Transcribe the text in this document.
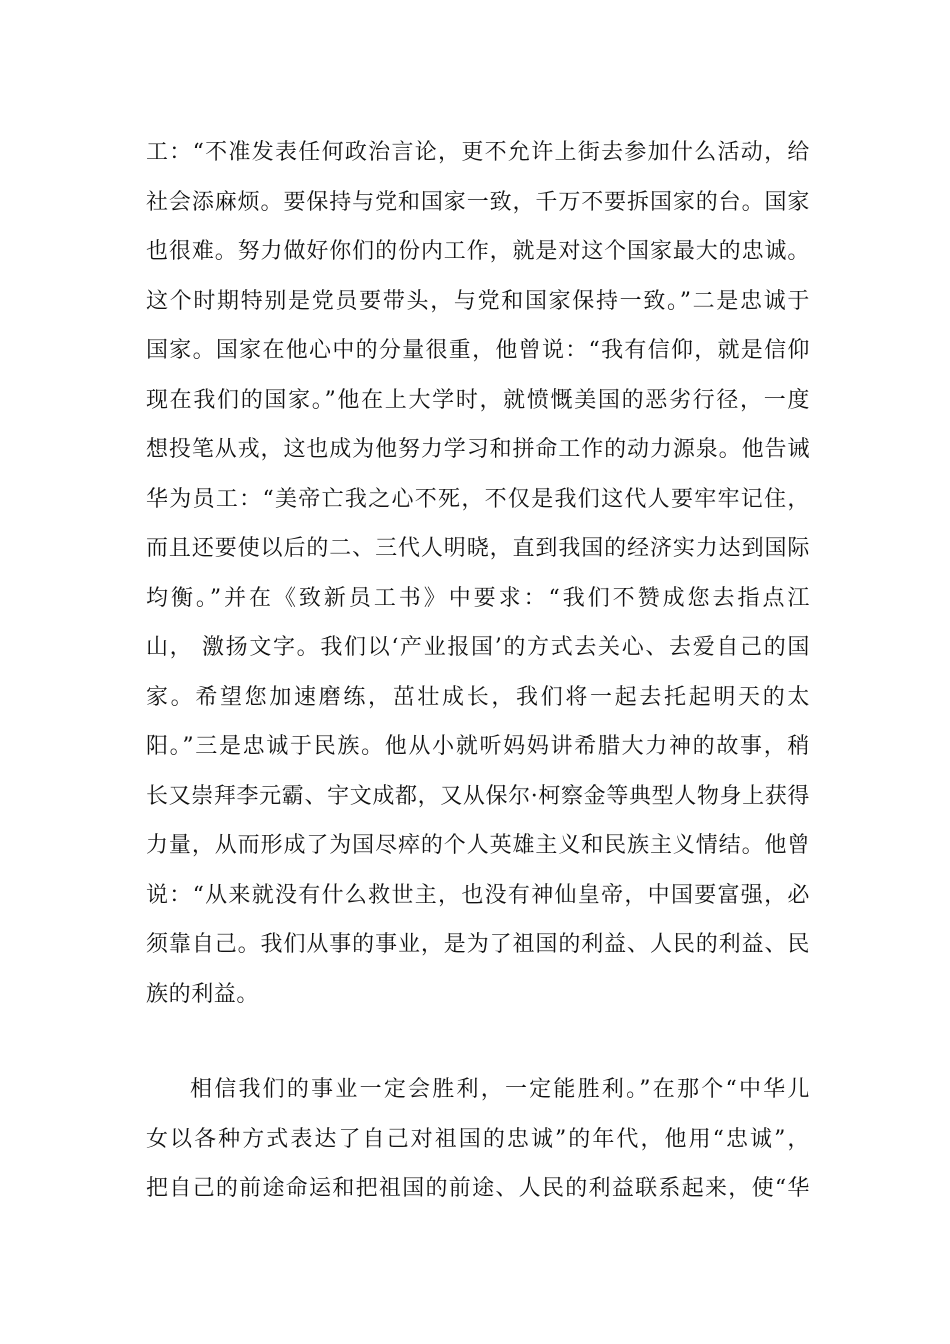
工：“不准发表任何政治言论，更不允许上街去参加什么活动，给
社会添麻烦。要保持与党和国家一致，千万不要拆国家的台。国家
也很难。努力做好你们的份内工作，就是对这个国家最大的忠诚。
这个时期特别是党员要带头，与党和国家保持一致。”二是忠诚于
国家。国家在他心中的分量很重，他曾说：“我有信仰，就是信仰
现在我们的国家。”他在上大学时，就愤慨美国的恶劣行径，一度
想投笔从戎，这也成为他努力学习和拼命工作的动力源泉。他告诫
华为员工：“美帝亡我之心不死，不仅是我们这代人要牢牢记住，
而且还要使以后的二、三代人明晓，直到我国的经济实力达到国际
均衡。”并在《致新员工书》中要求：“我们不赞成您去指点江
山， 激扬文字。我们以‘产业报国’的方式去关心、去爱自己的国
家。希望您加速磨练，茁壮成长，我们将一起去托起明天的太
阳。”三是忠诚于民族。他从小就听妈妈讲希腊大力神的故事，稍
长又崇拜李元霸、宇文成都，又从保尔·柯察金等典型人物身上获得
力量，从而形成了为国尽瘁的个人英雄主义和民族主义情结。他曾
说：“从来就没有什么救世主，也没有神仙皇帝，中国要富强，必
须靠自己。我们从事的事业，是为了祖国的利益、人民的利益、民
族的利益。
相信我们的事业一定会胜利，一定能胜利。”在那个“中华儿
女以各种方式表达了自己对祖国的忠诚”的年代，他用“忠诚”，
把自己的前途命运和把祖国的前途、人民的利益联系起来，使“华
